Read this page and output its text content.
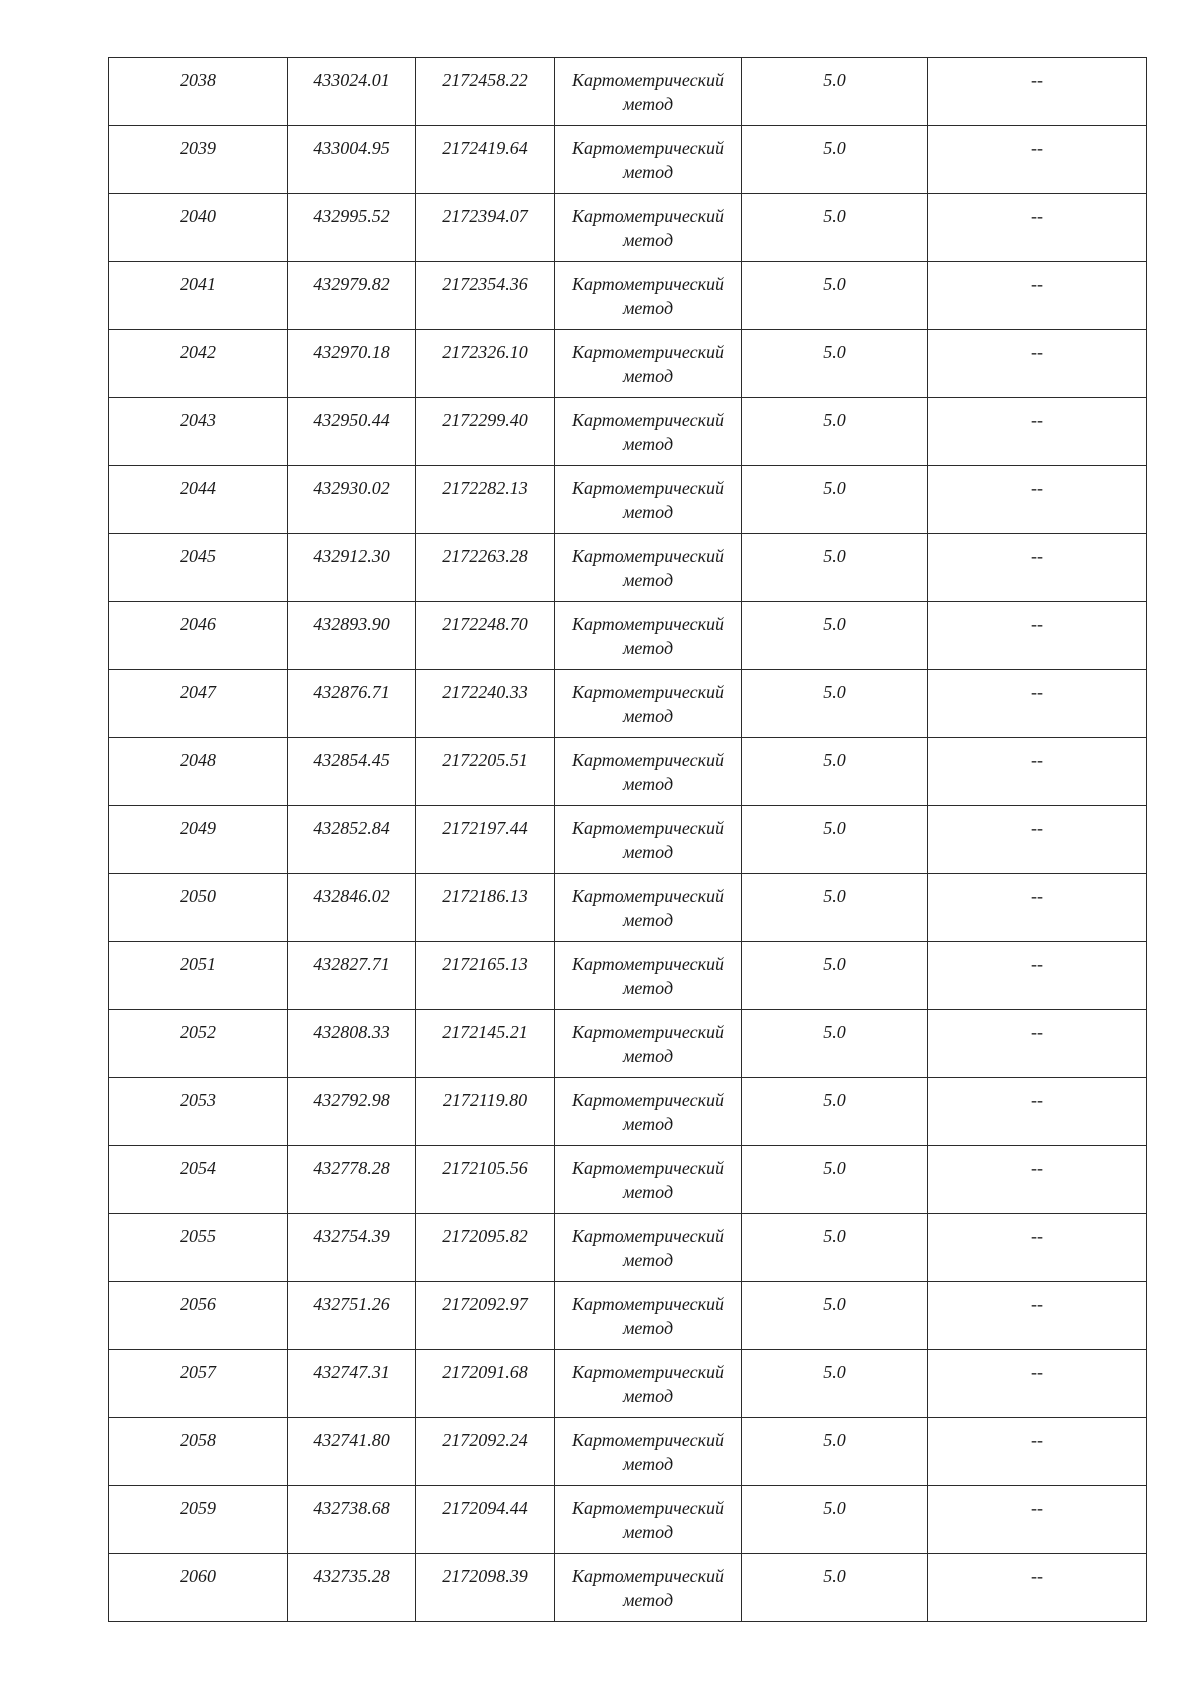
2038	433024.01	2172458.22	Картометрический метод	5.0	--
2039	433004.95	2172419.64	Картометрический метод	5.0	--
2040	432995.52	2172394.07	Картометрический метод	5.0	--
2041	432979.82	2172354.36	Картометрический метод	5.0	--
2042	432970.18	2172326.10	Картометрический метод	5.0	--
2043	432950.44	2172299.40	Картометрический метод	5.0	--
2044	432930.02	2172282.13	Картометрический метод	5.0	--
2045	432912.30	2172263.28	Картометрический метод	5.0	--
2046	432893.90	2172248.70	Картометрический метод	5.0	--
2047	432876.71	2172240.33	Картометрический метод	5.0	--
2048	432854.45	2172205.51	Картометрический метод	5.0	--
2049	432852.84	2172197.44	Картометрический метод	5.0	--
2050	432846.02	2172186.13	Картометрический метод	5.0	--
2051	432827.71	2172165.13	Картометрический метод	5.0	--
2052	432808.33	2172145.21	Картометрический метод	5.0	--
2053	432792.98	2172119.80	Картометрический метод	5.0	--
2054	432778.28	2172105.56	Картометрический метод	5.0	--
2055	432754.39	2172095.82	Картометрический метод	5.0	--
2056	432751.26	2172092.97	Картометрический метод	5.0	--
2057	432747.31	2172091.68	Картометрический метод	5.0	--
2058	432741.80	2172092.24	Картометрический метод	5.0	--
2059	432738.68	2172094.44	Картометрический метод	5.0	--
2060	432735.28	2172098.39	Картометрический метод	5.0	--
